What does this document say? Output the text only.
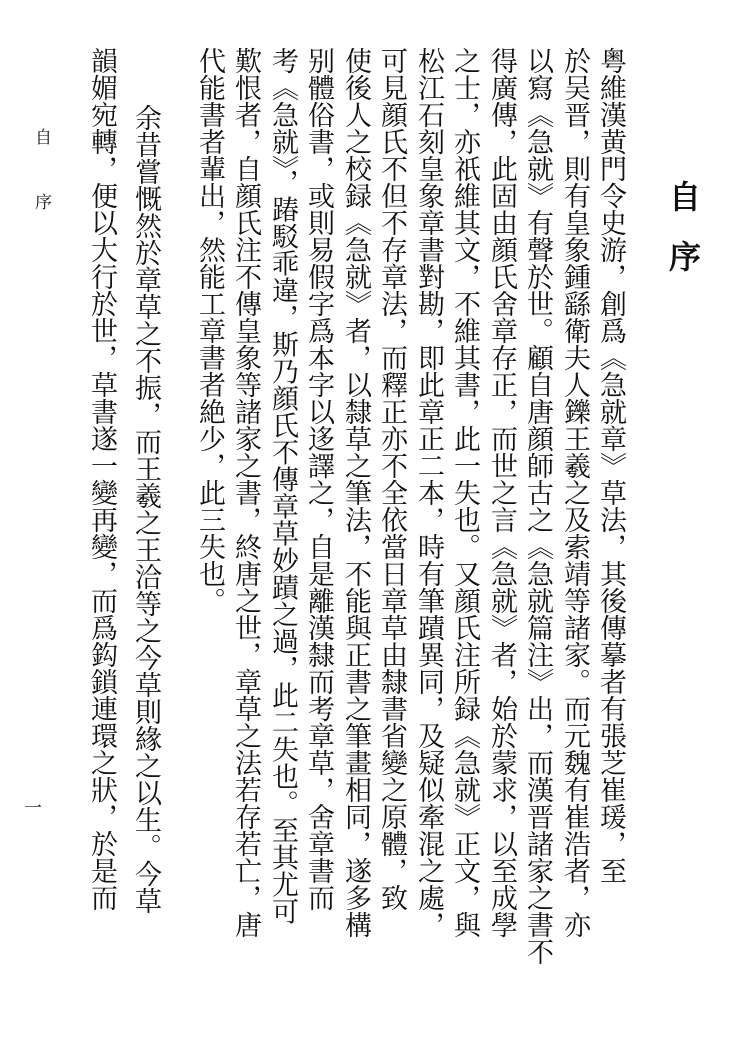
自序
自 序
一	粤維漢黄門令史游，創爲《急就章》草法，其後傳摹者有張芝崔瑗，至
於吴晋，則有皇象鍾繇衛夫人鑠王羲之及索靖等諸家。而元魏有崔浩者，亦
以寫《急就》有聲於世。顧自唐顔師古之《急就篇注》出，而漢晋諸家之書不
得廣傳，此固由顔氏舍章存正，而世之言《急就》者，始於蒙求，以至成學
之士，亦祇維其文，不維其書，此一失也。又顔氏注所録《急就》正文，與
松江石刻皇象章書對勘，即此章正二本，時有筆蹟異同，及疑似牽混之處，
可見顔氏不但不存章法，而釋正亦不全依當日章草由隸書省變之原體，致
使後人之校録《急就》者，以隸草之筆法，不能與正書之筆畫相同，遂多構
别體俗書，或則易假字爲本字以迻譯之，自是離漢隸而考章草，舍章書而
考《急就》，踳駁乖違，斯乃顔氏不傳章草妙蹟之過，此二失也。至其尤可
歎恨者，自顔氏注不傳皇象等諸家之書，終唐之世，章草之法若存若亡，唐
代能書者輩出，然能工章書者絶少，此三失也。
余昔嘗慨然於章草之不振，而王羲之王洽等之今草則緣之以生。今草
韻媚宛轉，便以大行於世，草書遂一變再變，而爲鈎鎖連環之狀，於是而
